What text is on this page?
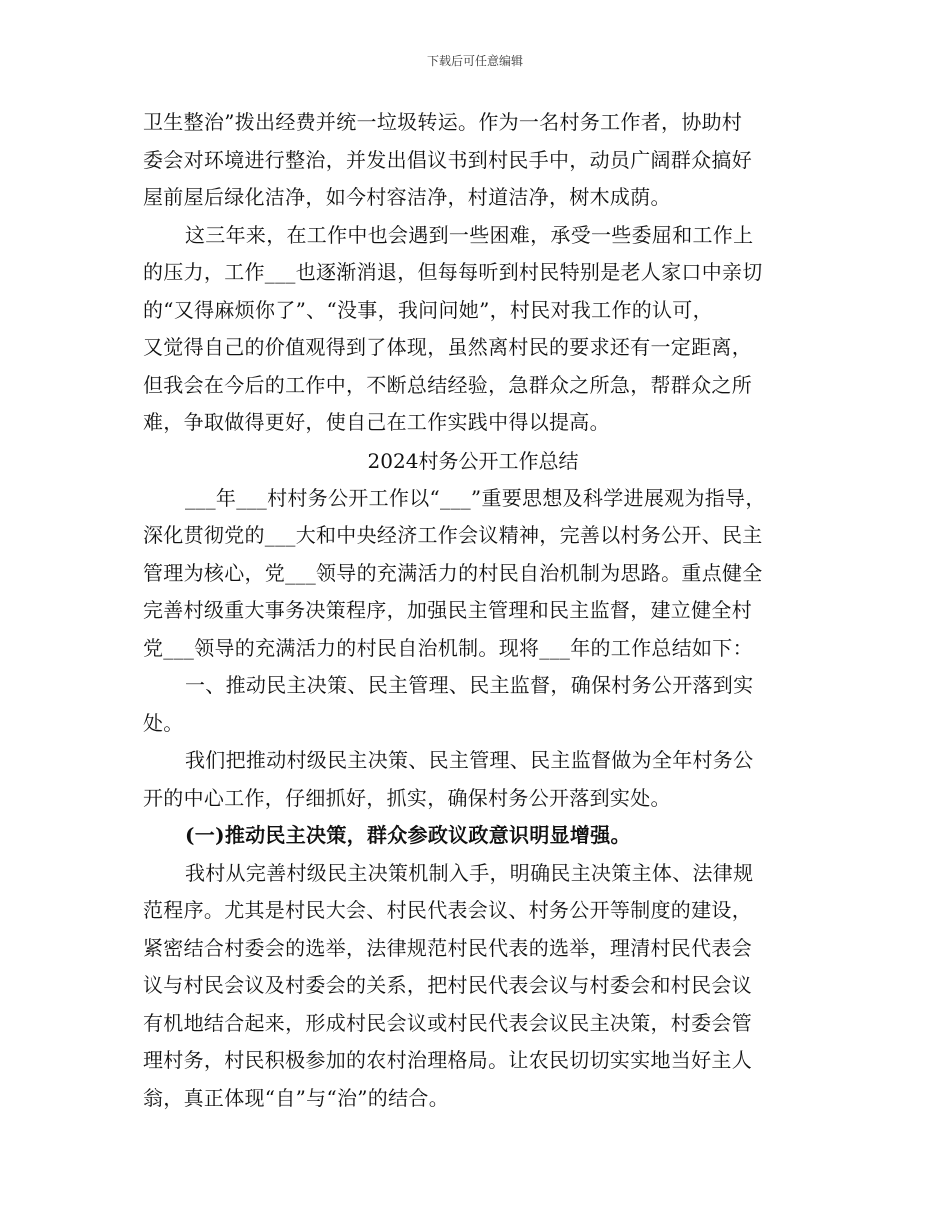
下载后可任意编辑
卫生整治”拨出经费并统一垃圾转运。作为一名村务工作者，协助村
委会对环境进行整治，并发出倡议书到村民手中，动员广阔群众搞好
屋前屋后绿化洁净，如今村容洁净，村道洁净，树木成荫。
这三年来，在工作中也会遇到一些困难，承受一些委屈和工作上
的压力，工作___也逐渐消退，但每每听到村民特别是老人家口中亲切
的“又得麻烦你了”、“没事，我问问她”，村民对我工作的认可，
又觉得自己的价值观得到了体现，虽然离村民的要求还有一定距离，
但我会在今后的工作中，不断总结经验，急群众之所急，帮群众之所
难，争取做得更好，使自己在工作实践中得以提高。
2024村务公开工作总结
___年___村村务公开工作以“___”重要思想及科学进展观为指导，
深化贯彻党的___大和中央经济工作会议精神，完善以村务公开、民主
管理为核心，党___领导的充满活力的村民自治机制为思路。重点健全
完善村级重大事务决策程序，加强民主管理和民主监督，建立健全村
党___领导的充满活力的村民自治机制。现将___年的工作总结如下：
一、推动民主决策、民主管理、民主监督，确保村务公开落到实
处。
我们把推动村级民主决策、民主管理、民主监督做为全年村务公
开的中心工作，仔细抓好，抓实，确保村务公开落到实处。
(一)推动民主决策，群众参政议政意识明显增强。
我村从完善村级民主决策机制入手，明确民主决策主体、法律规
范程序。尤其是村民大会、村民代表会议、村务公开等制度的建设，
紧密结合村委会的选举，法律规范村民代表的选举，理清村民代表会
议与村民会议及村委会的关系，把村民代表会议与村委会和村民会议
有机地结合起来，形成村民会议或村民代表会议民主决策，村委会管
理村务，村民积极参加的农村治理格局。让农民切切实实地当好主人
翁，真正体现“自”与“治”的结合。
